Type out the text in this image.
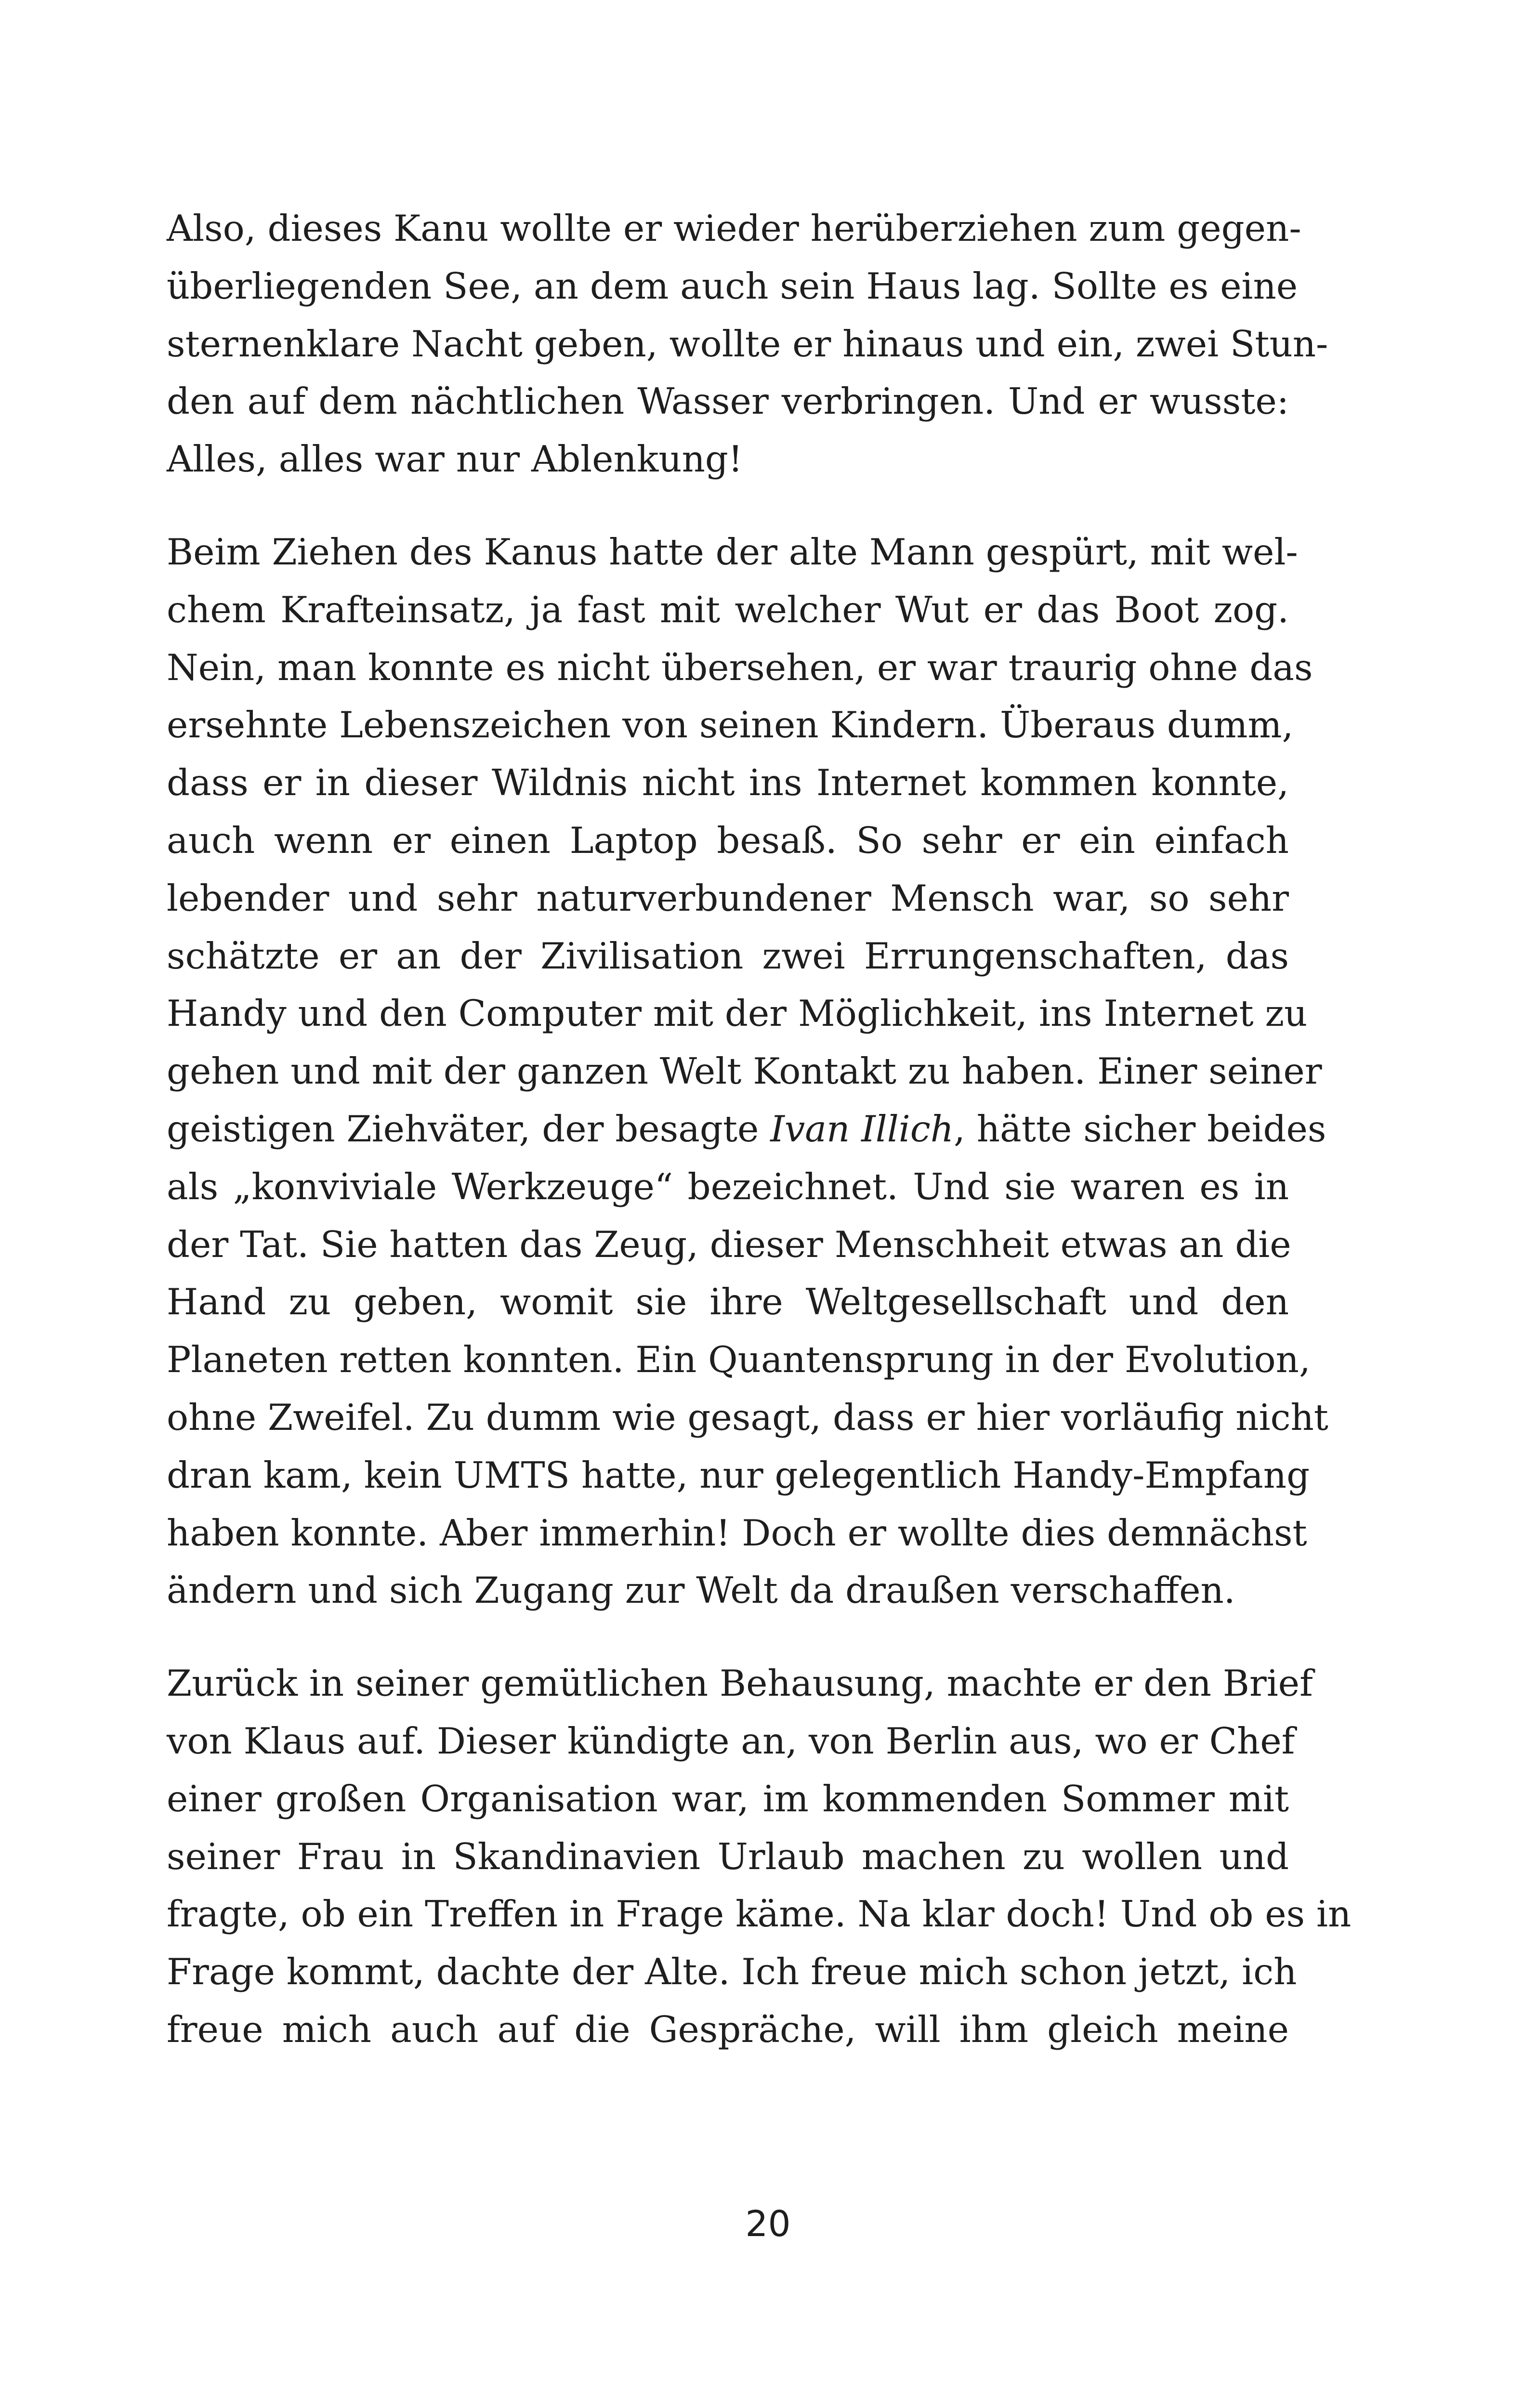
Also, dieses Kanu wollte er wieder herüberziehen zum gegen-
überliegenden See, an dem auch sein Haus lag. Sollte es eine
sternenklare Nacht geben, wollte er hinaus und ein, zwei Stun-
den auf dem nächtlichen Wasser verbringen. Und er wusste:
Alles, alles war nur Ablenkung!

Beim Ziehen des Kanus hatte der alte Mann gespürt, mit wel-
chem Krafteinsatz, ja fast mit welcher Wut er das Boot zog.
Nein, man konnte es nicht übersehen, er war traurig ohne das
ersehnte Lebenszeichen von seinen Kindern. Überaus dumm,
dass er in dieser Wildnis nicht ins Internet kommen konnte,
auch wenn er einen Laptop besaß. So sehr er ein einfach
lebender und sehr naturverbundener Mensch war, so sehr
schätzte er an der Zivilisation zwei Errungenschaften, das
Handy und den Computer mit der Möglichkeit, ins Internet zu
gehen und mit der ganzen Welt Kontakt zu haben. Einer seiner
geistigen Ziehväter, der besagte Ivan Illich, hätte sicher beides
als „konviviale Werkzeuge“ bezeichnet. Und sie waren es in
der Tat. Sie hatten das Zeug, dieser Menschheit etwas an die
Hand zu geben, womit sie ihre Weltgesellschaft und den
Planeten retten konnten. Ein Quantensprung in der Evolution,
ohne Zweifel. Zu dumm wie gesagt, dass er hier vorläufig nicht
dran kam, kein UMTS hatte, nur gelegentlich Handy-Empfang
haben konnte. Aber immerhin! Doch er wollte dies demnächst
ändern und sich Zugang zur Welt da draußen verschaffen.

Zurück in seiner gemütlichen Behausung, machte er den Brief
von Klaus auf. Dieser kündigte an, von Berlin aus, wo er Chef
einer großen Organisation war, im kommenden Sommer mit
seiner Frau in Skandinavien Urlaub machen zu wollen und
fragte, ob ein Treffen in Frage käme. Na klar doch! Und ob es in
Frage kommt, dachte der Alte. Ich freue mich schon jetzt, ich
freue mich auch auf die Gespräche, will ihm gleich meine

20
